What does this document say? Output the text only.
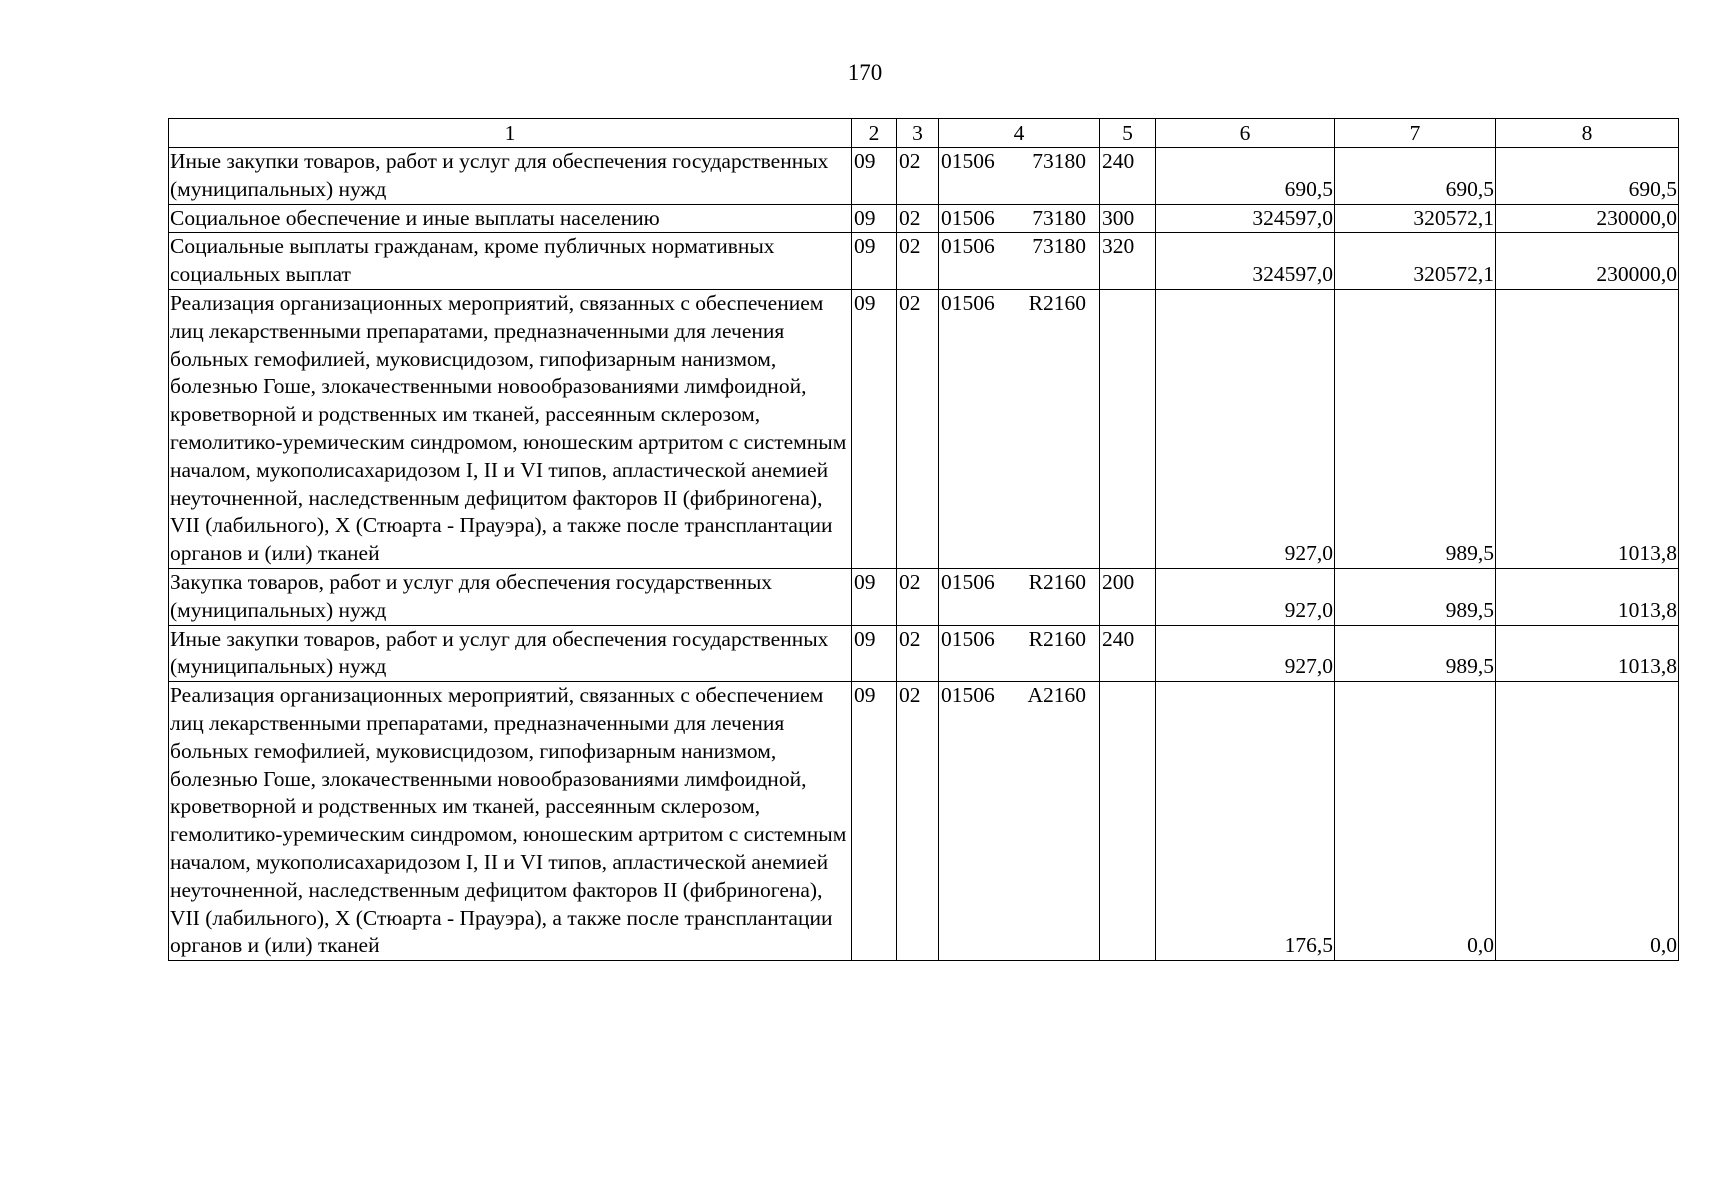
170
1	2	3	4	5	6	7	8
Иные закупки товаров, работ и услуг для обеспечения государственных (муниципальных) нужд	09	02	01506 73180	240	690,5	690,5	690,5
Социальное обеспечение и иные выплаты населению	09	02	01506 73180	300	324597,0	320572,1	230000,0
Социальные выплаты гражданам, кроме публичных нормативных социальных выплат	09	02	01506 73180	320	324597,0	320572,1	230000,0
Реализация организационных мероприятий, связанных с обеспечением лиц лекарственными препаратами, предназначенными для лечения больных гемофилией, муковисцидозом, гипофизарным нанизмом, болезнью Гоше, злокачественными новообразованиями лимфоидной, кроветворной и родственных им тканей, рассеянным склерозом, гемолитико-уремическим синдромом, юношеским артритом с системным началом, мукополисахаридозом I, II и VI типов, апластической анемией неуточненной, наследственным дефицитом факторов II (фибриногена), VII (лабильного), X (Стюарта - Прауэра), а также после трансплантации органов и (или) тканей	09	02	01506 R2160		927,0	989,5	1013,8
Закупка товаров, работ и услуг для обеспечения государственных (муниципальных) нужд	09	02	01506 R2160	200	927,0	989,5	1013,8
Иные закупки товаров, работ и услуг для обеспечения государственных (муниципальных) нужд	09	02	01506 R2160	240	927,0	989,5	1013,8
Реализация организационных мероприятий, связанных с обеспечением лиц лекарственными препаратами, предназначенными для лечения больных гемофилией, муковисцидозом, гипофизарным нанизмом, болезнью Гоше, злокачественными новообразованиями лимфоидной, кроветворной и родственных им тканей, рассеянным склерозом, гемолитико-уремическим синдромом, юношеским артритом с системным началом, мукополисахаридозом I, II и VI типов, апластической анемией неуточненной, наследственным дефицитом факторов II (фибриногена), VII (лабильного), X (Стюарта - Прауэра), а также после трансплантации органов и (или) тканей	09	02	01506 A2160		176,5	0,0	0,0
